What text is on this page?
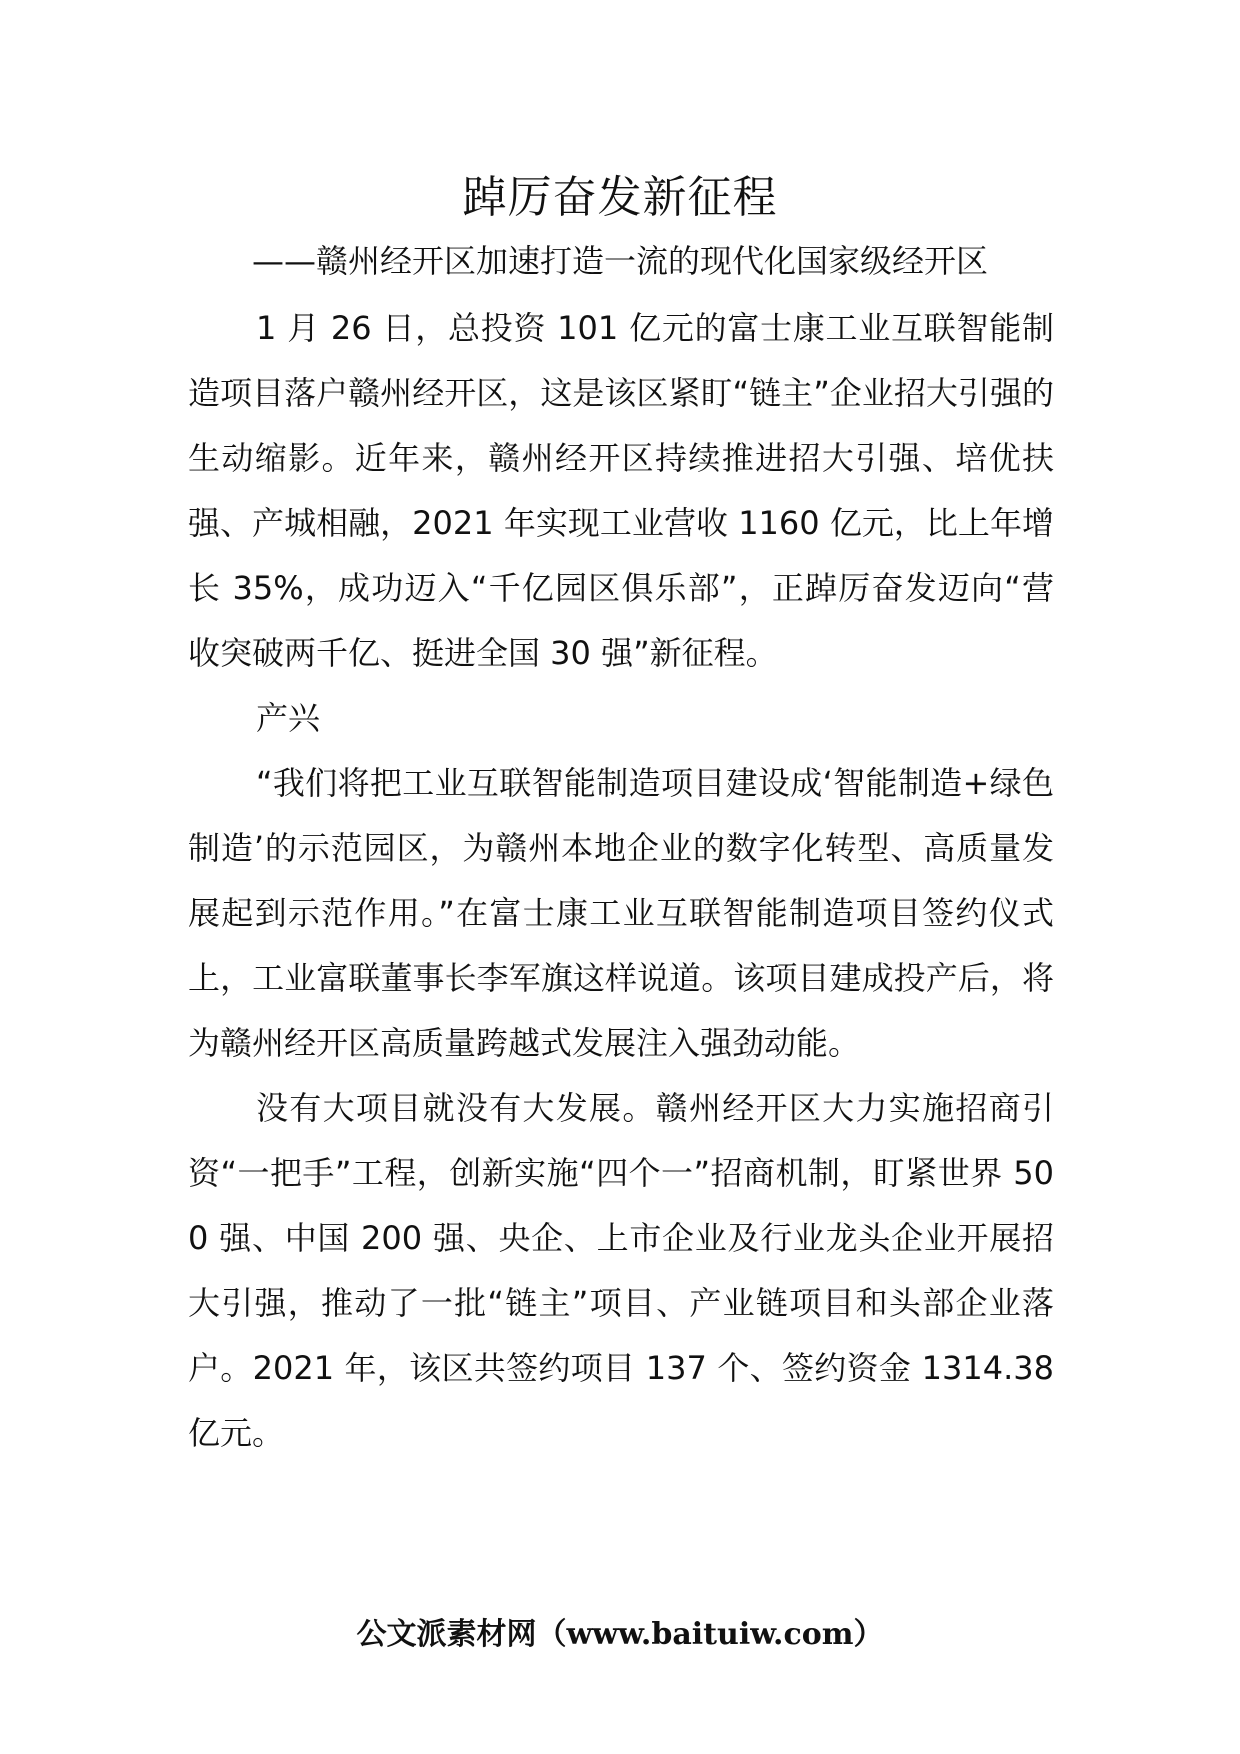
踔厉奋发新征程
——赣州经开区加速打造一流的现代化国家级经开区

1 月 26 日，总投资 101 亿元的富士康工业互联智能制造项目落户赣州经开区，这是该区紧盯“链主”企业招大引强的生动缩影。近年来，赣州经开区持续推进招大引强、培优扶强、产城相融，2021 年实现工业营收 1160 亿元，比上年增长 35%，成功迈入“千亿园区俱乐部”，正踔厉奋发迈向“营收突破两千亿、挺进全国 30 强”新征程。

产兴

“我们将把工业互联智能制造项目建设成‘智能制造+绿色制造’的示范园区，为赣州本地企业的数字化转型、高质量发展起到示范作用。”在富士康工业互联智能制造项目签约仪式上，工业富联董事长李军旗这样说道。该项目建成投产后，将为赣州经开区高质量跨越式发展注入强劲动能。

没有大项目就没有大发展。赣州经开区大力实施招商引资“一把手”工程，创新实施“四个一”招商机制，盯紧世界 500 强、中国 200 强、央企、上市企业及行业龙头企业开展招大引强，推动了一批“链主”项目、产业链项目和头部企业落户。2021 年，该区共签约项目 137 个、签约资金 1314.38 亿元。

公文派素材网（www.baituiw.com）
